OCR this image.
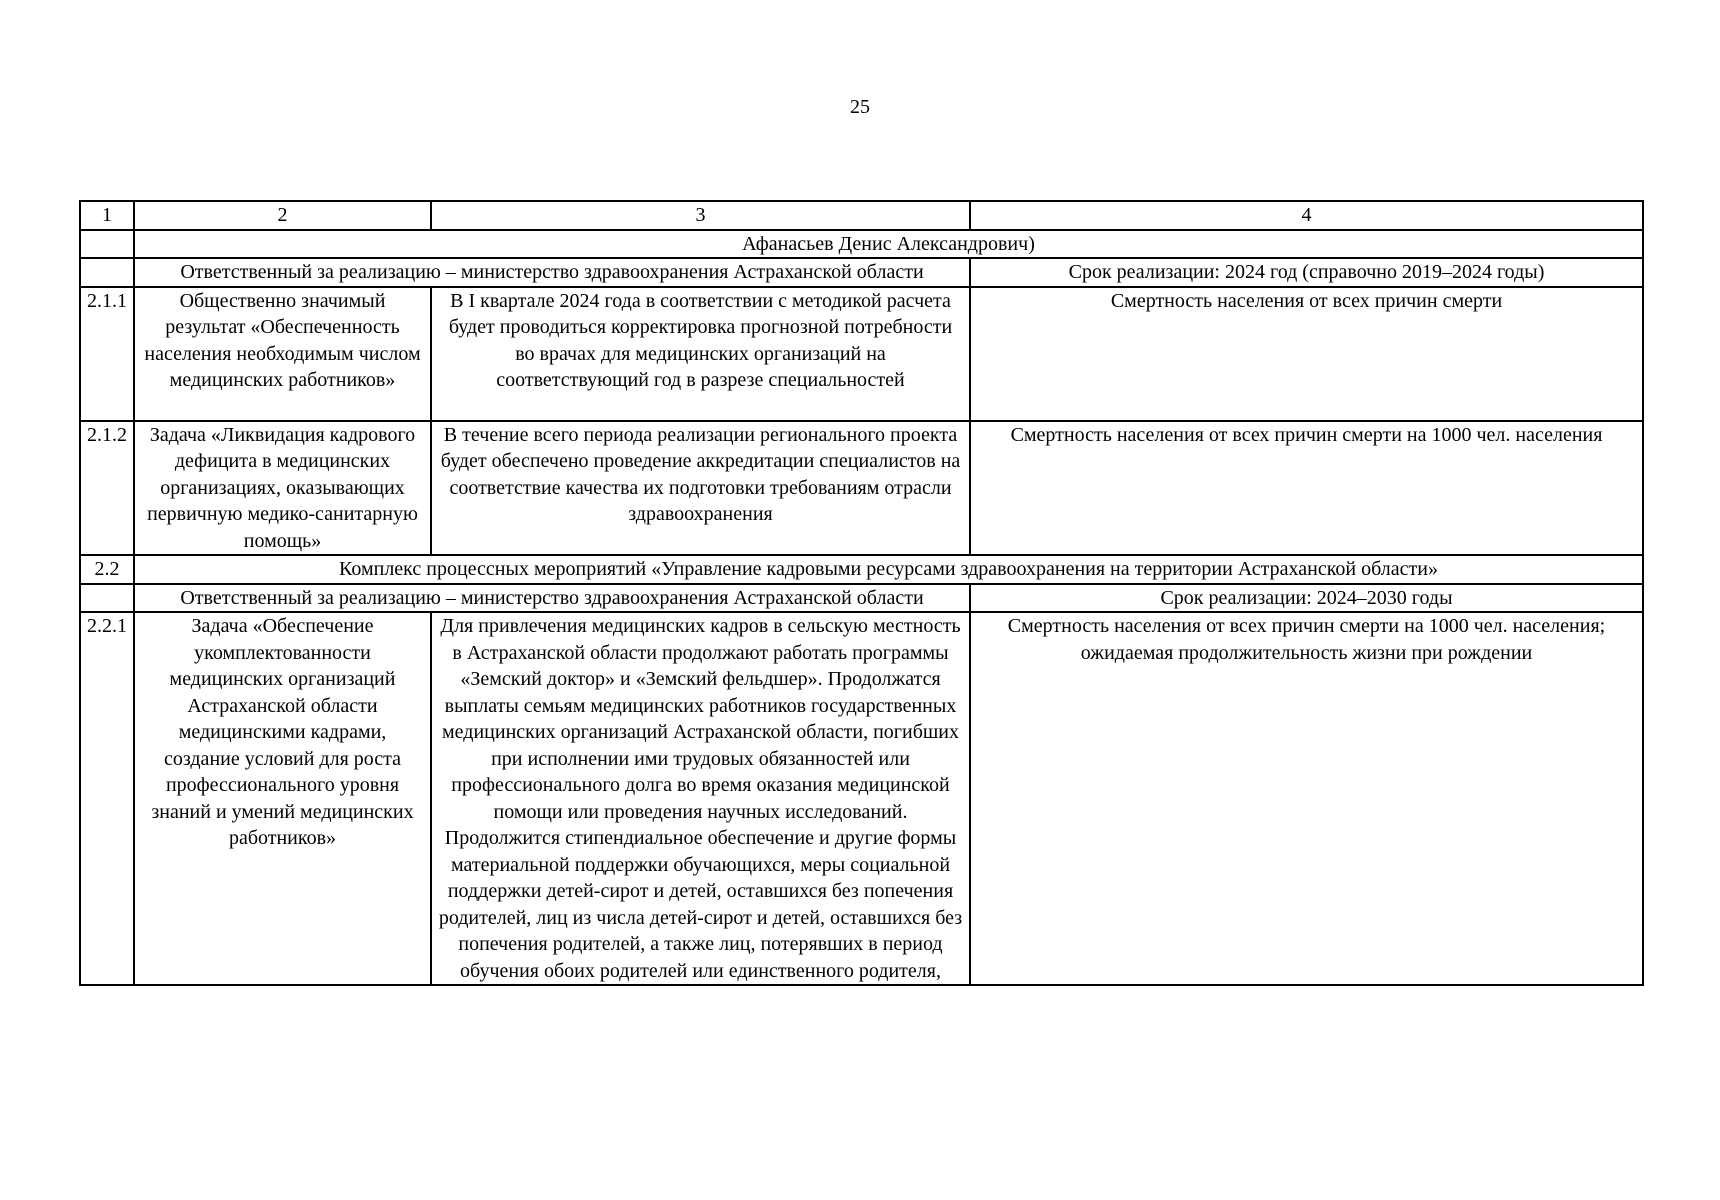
25
1	2	3	4
	Афанасьев Денис Александрович)		
	Ответственный за реализацию – министерство здравоохранения Астраханской области		Срок реализации: 2024 год (справочно 2019–2024 годы)
2.1.1	Общественно значимый результат «Обеспеченность населения необходимым числом медицинских работников»	В I квартале 2024 года в соответствии с методикой расчета будет проводиться корректировка прогнозной потребности во врачах для медицинских организаций на соответствующий год в разрезе специальностей	Смертность населения от всех причин смерти
2.1.2	Задача «Ликвидация кадрового дефицита в медицинских организациях, оказывающих первичную медико-санитарную помощь»	В течение всего периода реализации регионального проекта будет обеспечено проведение аккредитации специалистов на соответствие качества их подготовки требованиям отрасли здравоохранения	Смертность населения от всех причин смерти на 1000 чел. населения
2.2	Комплекс процессных мероприятий «Управление кадровыми ресурсами здравоохранения на территории Астраханской области»		
	Ответственный за реализацию – министерство здравоохранения Астраханской области		Срок реализации: 2024–2030 годы
2.2.1	Задача «Обеспечение укомплектованности медицинских организаций Астраханской области медицинскими кадрами, создание условий для роста профессионального уровня знаний и умений медицинских работников»	Для привлечения медицинских кадров в сельскую местность в Астраханской области продолжают работать программы «Земский доктор» и «Земский фельдшер». Продолжатся выплаты семьям медицинских работников государственных медицинских организаций Астраханской области, погибших при исполнении ими трудовых обязанностей или профессионального долга во время оказания медицинской помощи или проведения научных исследований. Продолжится стипендиальное обеспечение и другие формы материальной поддержки обучающихся, меры социальной поддержки детей-сирот и детей, оставшихся без попечения родителей, лиц из числа детей-сирот и детей, оставшихся без попечения родителей, а также лиц, потерявших в период обучения обоих родителей или единственного родителя,	Смертность населения от всех причин смерти на 1000 чел. населения; ожидаемая продолжительность жизни при рождении
